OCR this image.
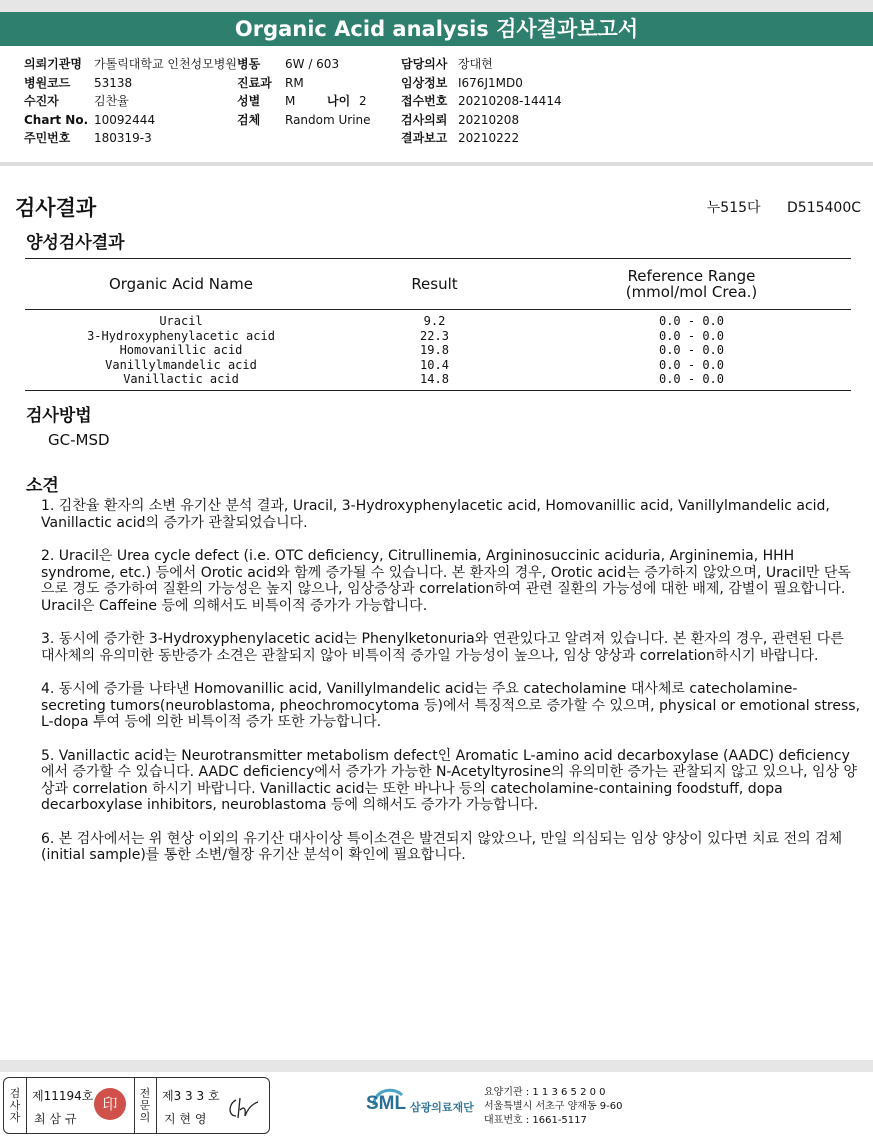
Organic Acid analysis 검사결과보고서
의뢰기관명 가톨릭대학교 인천성모병원
병원코드 53138
수진자	김찬율
Chart No. 10092444
주민번호 180319-3
병동 6W / 603
진료과 RM
성별 M	나이 2
검체 Random Urine
담당의사 장대현
임상정보 I676J1MD0
접수번호 20210208-14414
검사의뢰 20210208
결과보고 20210222
검사결과	누515다 D515400C
양성검사결과
Organic Acid Name	Result	Reference Range
(mmol/mol Crea.)

Uracil	9.2	0.0 - 0.0
3-Hydroxyphenylacetic acid	22.3	0.0 - 0.0
Homovanillic acid	19.8	0.0 - 0.0
Vanillylmandelic acid	10.4	0.0 - 0.0
Vanillactic acid	14.8	0.0 - 0.0
검사방법
GC-MSD
소견

1. 김찬율 환자의 소변 유기산 분석 결과, Uracil, 3-Hydroxyphenylacetic acid, Homovanillic acid, Vanillylmandelic acid, Vanillactic acid의 증가가 관찰되었습니다.

2. Uracil은 Urea cycle defect (i.e. OTC deficiency, Citrullinemia, Argininosuccinic aciduria, Argininemia, HHH syndrome, etc.) 등에서 Orotic acid와 함께 증가될 수 있습니다. 본 환자의 경우, Orotic acid는 증가하지 않았으며, Uracil만 단독으로 경도 증가하여 질환의 가능성은 높지 않으나, 임상증상과 correlation하여 관련 질환의 가능성에 대한 배제, 감별이 필요합니다. Uracil은 Caffeine 등에 의해서도 비특이적 증가가 가능합니다.

3. 동시에 증가한 3-Hydroxyphenylacetic acid는 Phenylketonuria와 연관있다고 알려져 있습니다. 본 환자의 경우, 관련된 다른 대사체의 유의미한 동반증가 소견은 관찰되지 않아 비특이적 증가일 가능성이 높으나, 임상 양상과 correlation하시기 바랍니다.

4. 동시에 증가를 나타낸 Homovanillic acid, Vanillylmandelic acid는 주요 catecholamine 대사체로 catecholamine-secreting tumors(neuroblastoma, pheochromocytoma 등)에서 특징적으로 증가할 수 있으며, physical or emotional stress, L-dopa 투여 등에 의한 비특이적 증가 또한 가능합니다.

5. Vanillactic acid는 Neurotransmitter metabolism defect인 Aromatic L-amino acid decarboxylase (AADC) deficiency에서 증가할 수 있습니다. AADC deficiency에서 증가가 가능한 N-Acetyltyrosine의 유의미한 증가는 관찰되지 않고 있으나, 임상 양상과 correlation 하시기 바랍니다. Vanillactic acid는 또한 바나나 등의 catecholamine-containing foodstuff, dopa decarboxylase inhibitors, neuroblastoma 등에 의해서도 증가가 가능합니다.

6. 본 검사에서는 위 현상 이외의 유기산 대사이상 특이소견은 발견되지 않았으나, 만일 의심되는 임상 양상이 있다면 치료 전의 검체 (initial sample)를 통한 소변/혈장 유기산 분석이 확인에 필요합니다.

검
사
자
제11194호
최 삼 규
印
전
문
의
제3 3 3 호
지 현 영
SML 삼광의료재단
요양기관 : 1 1 3 6 5 2 0 0
서울특별시 서초구 양재동 9-60
대표번호 : 1661-5117
